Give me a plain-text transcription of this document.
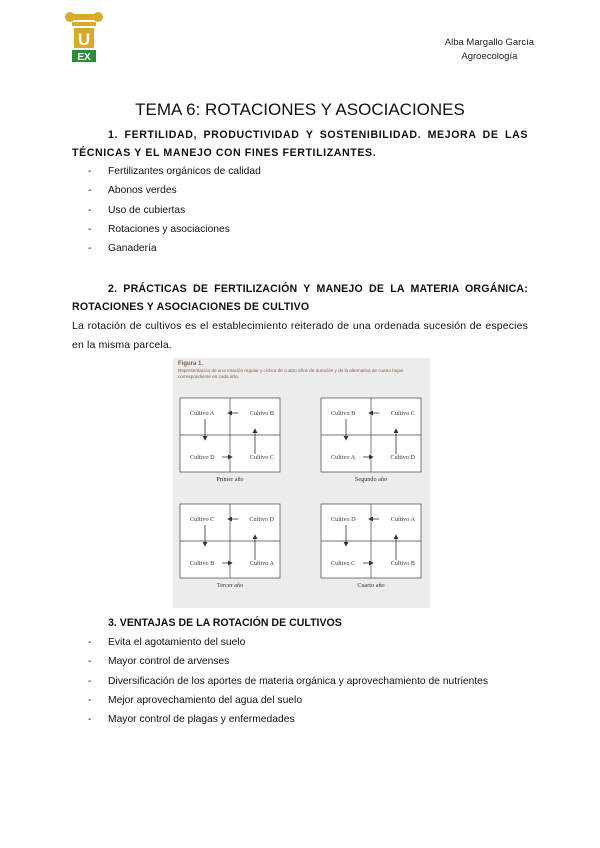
U
EX
Alba Margallo García
Agroecología
TEMA 6: ROTACIONES Y ASOCIACIONES
1. FERTILIDAD, PRODUCTIVIDAD Y SOSTENIBILIDAD. MEJORA DE LAS TÉCNICAS Y EL MANEJO CON FINES FERTILIZANTES.
- Fertilizantes orgánicos de calidad
- Abonos verdes
- Uso de cubiertas
- Rotaciones y asociaciones
- Ganadería
2. PRÁCTICAS DE FERTILIZACIÓN Y MANEJO DE LA MATERIA ORGÁNICA: ROTACIONES Y ASOCIACIONES DE CULTIVO

La rotación de cultivos es el establecimiento reiterado de una ordenada sucesión de especies en la misma parcela.

Figura 1.
Representación de una rotación regular y cíclica de cuatro años de duración y de la alternativa de cuatro hojas correspondiente en cada año.
Cultivo A	Cultivo B
Cultivo D	Cultivo C
Primer año
Cultivo B	Cultivo C
Cultivo A	Cultivo D
Segundo año
Cultivo C	Cultivo D
Cultivo B	Cultivo A
Tercer año
Cultivo D	Cultivo A
Cultivo C	Cultivo B
Cuarto año
3. VENTAJAS DE LA ROTACIÓN DE CULTIVOS
- Evita el agotamiento del suelo
- Mayor control de arvenses
- Diversificación de los aportes de materia orgánica y aprovechamiento de nutrientes
- Mejor aprovechamiento del agua del suelo
- Mayor control de plagas y enfermedades
